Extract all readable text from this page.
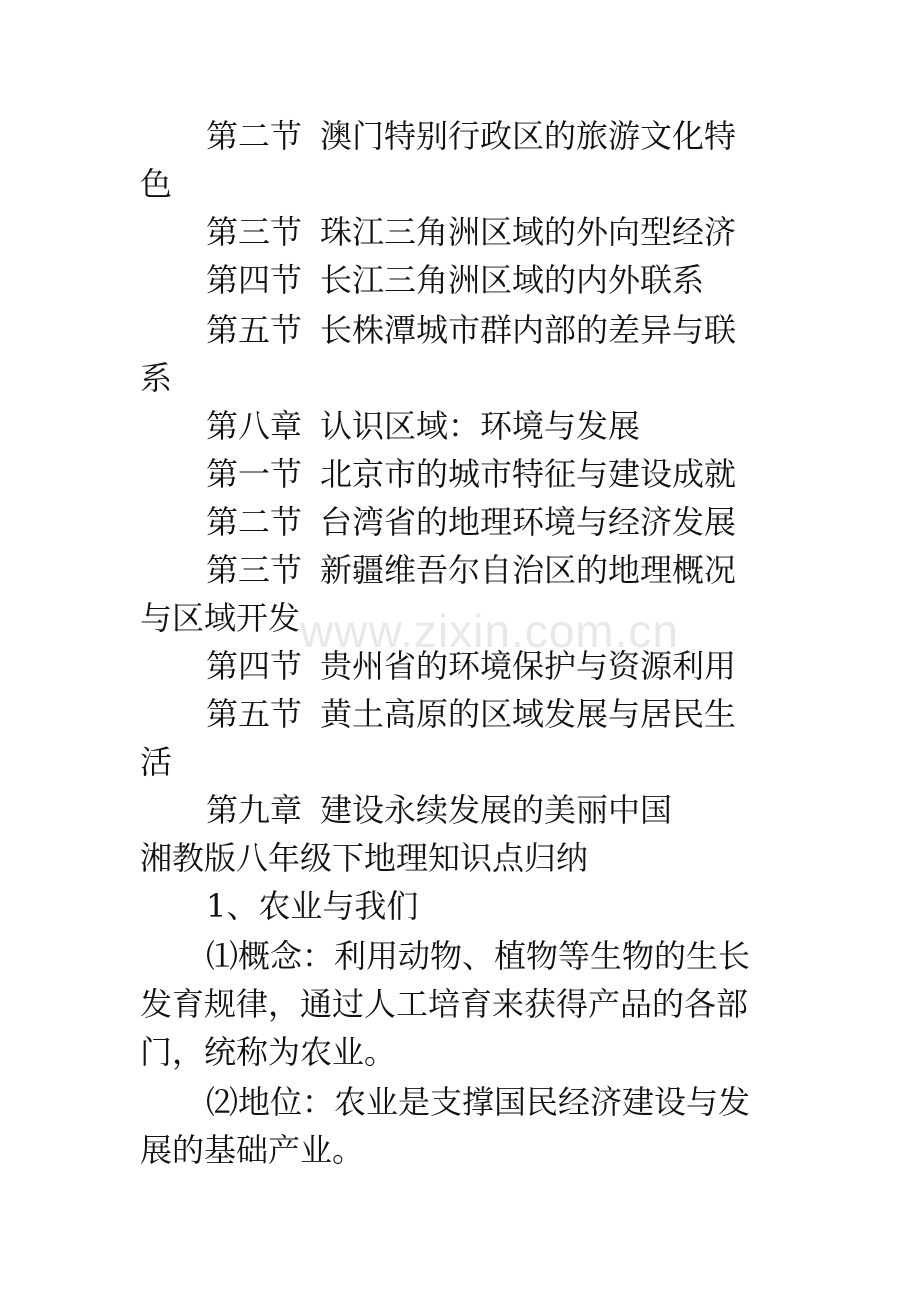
第二节 澳门特别行政区的旅游文化特
色
第三节 珠江三角洲区域的外向型经济
第四节 长江三角洲区域的内外联系
第五节 长株潭城市群内部的差异与联
系
第八章 认识区域：环境与发展
第一节 北京市的城市特征与建设成就
第二节 台湾省的地理环境与经济发展
第三节 新疆维吾尔自治区的地理概况
与区域开发
第四节 贵州省的环境保护与资源利用
第五节 黄土高原的区域发展与居民生
活
第九章 建设永续发展的美丽中国
湘教版八年级下地理知识点归纳
1、农业与我们
⑴概念：利用动物、植物等生物的生长
发育规律，通过人工培育来获得产品的各部
门，统称为农业。
⑵地位：农业是支撑国民经济建设与发
展的基础产业。
www.zixin.com.cn
